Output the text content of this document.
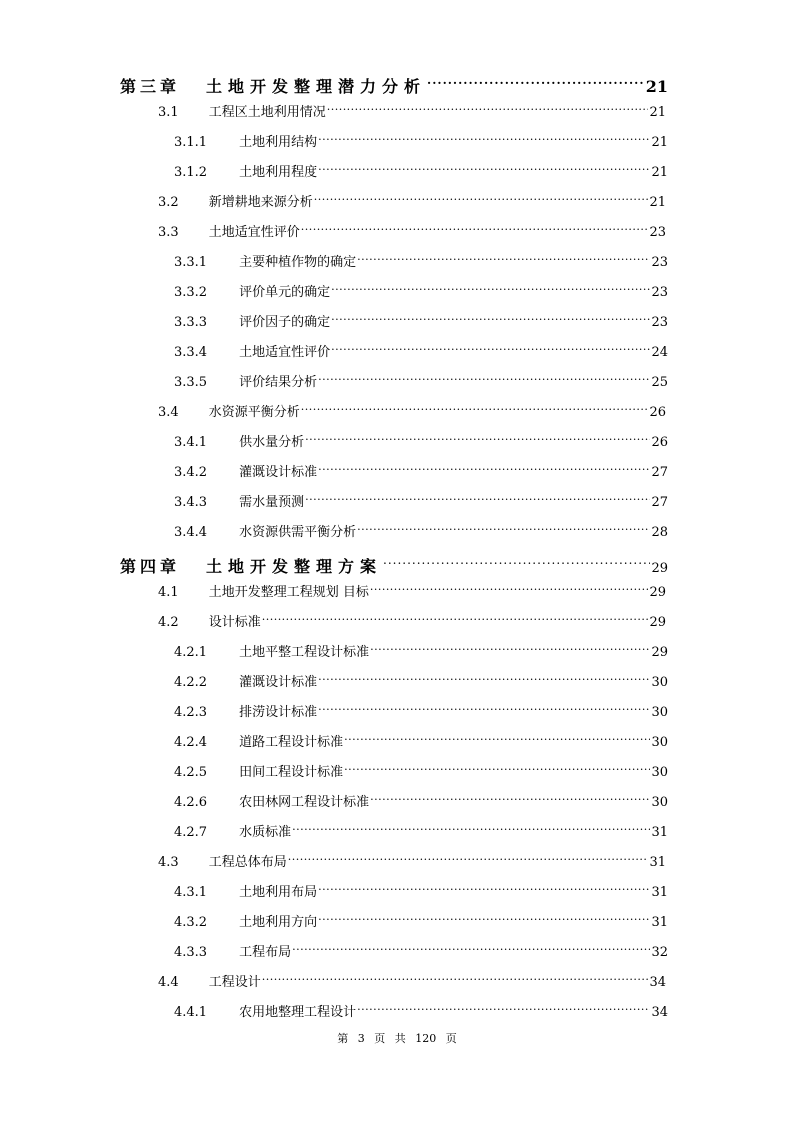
第三章 土地开发整理潜力分析 .....	21
3.1 工程区土地利用情况 .....	21
3.1.1 土地利用结构 .....	21
3.1.2 土地利用程度 .....	21
3.2 新增耕地来源分析 .....	21
3.3 土地适宜性评价 .....	23
3.3.1 主要种植作物的确定 .....	23
3.3.2 评价单元的确定 .....	23
3.3.3 评价因子的确定 .....	23
3.3.4 土地适宜性评价 .....	24
3.3.5 评价结果分析 .....	25
3.4 水资源平衡分析 .....	26
3.4.1 供水量分析 .....	26
3.4.2 灌溉设计标准 .....	27
3.4.3 需水量预测 .....	27
3.4.4 水资源供需平衡分析 .....	28
第四章 土地开发整理方案 .....	29
4.1 土地开发整理工程规划 目标 .....	29
4.2 设计标准 .....	29
4.2.1 土地平整工程设计标准 .....	29
4.2.2 灌溉设计标准 .....	30
4.2.3 排涝设计标准 .....	30
4.2.4 道路工程设计标准 .....	30
4.2.5 田间工程设计标准 .....	30
4.2.6 农田林网工程设计标准 .....	30
4.2.7 水质标准 .....	31
4.3 工程总体布局 .....	31
4.3.1 土地利用布局 .....	31
4.3.2 土地利用方向 .....	31
4.3.3 工程布局 .....	32
4.4 工程设计 .....	34
4.4.1 农用地整理工程设计 .....	34
第 3 页 共 120 页
